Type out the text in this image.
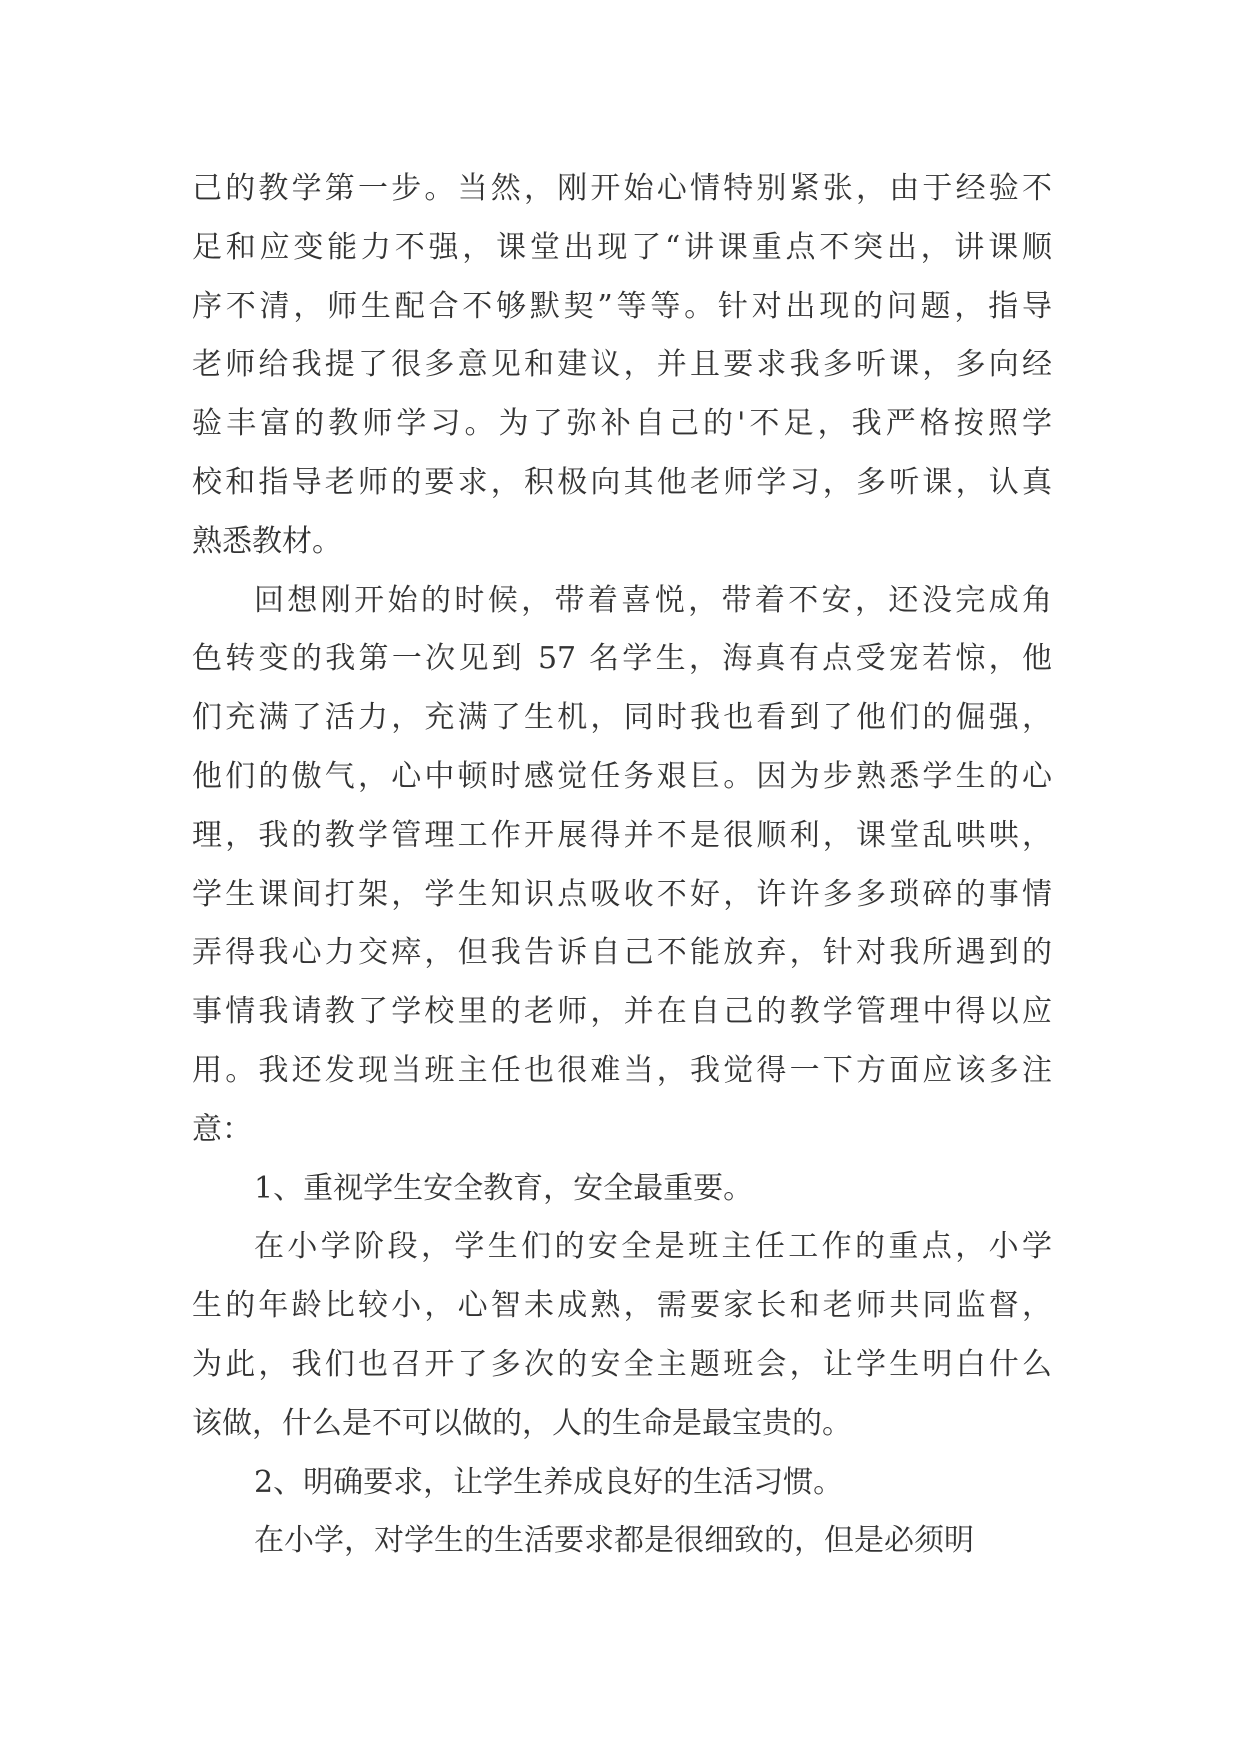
己的教学第一步。当然，刚开始心情特别紧张，由于经验不
足和应变能力不强，课堂出现了“讲课重点不突出，讲课顺
序不清，师生配合不够默契”等等。针对出现的问题，指导
老师给我提了很多意见和建议，并且要求我多听课，多向经
验丰富的教师学习。为了弥补自己的'不足，我严格按照学
校和指导老师的要求，积极向其他老师学习，多听课，认真
熟悉教材。
回想刚开始的时候，带着喜悦，带着不安，还没完成角
色转变的我第一次见到 57 名学生，海真有点受宠若惊，他
们充满了活力，充满了生机，同时我也看到了他们的倔强，
他们的傲气，心中顿时感觉任务艰巨。因为步熟悉学生的心
理，我的教学管理工作开展得并不是很顺利，课堂乱哄哄，
学生课间打架，学生知识点吸收不好，许许多多琐碎的事情
弄得我心力交瘁，但我告诉自己不能放弃，针对我所遇到的
事情我请教了学校里的老师，并在自己的教学管理中得以应
用。我还发现当班主任也很难当，我觉得一下方面应该多注
意：
1、重视学生安全教育，安全最重要。
在小学阶段，学生们的安全是班主任工作的重点，小学
生的年龄比较小，心智未成熟，需要家长和老师共同监督，
为此，我们也召开了多次的安全主题班会，让学生明白什么
该做，什么是不可以做的，人的生命是最宝贵的。
2、明确要求，让学生养成良好的生活习惯。
在小学，对学生的生活要求都是很细致的，但是必须明
